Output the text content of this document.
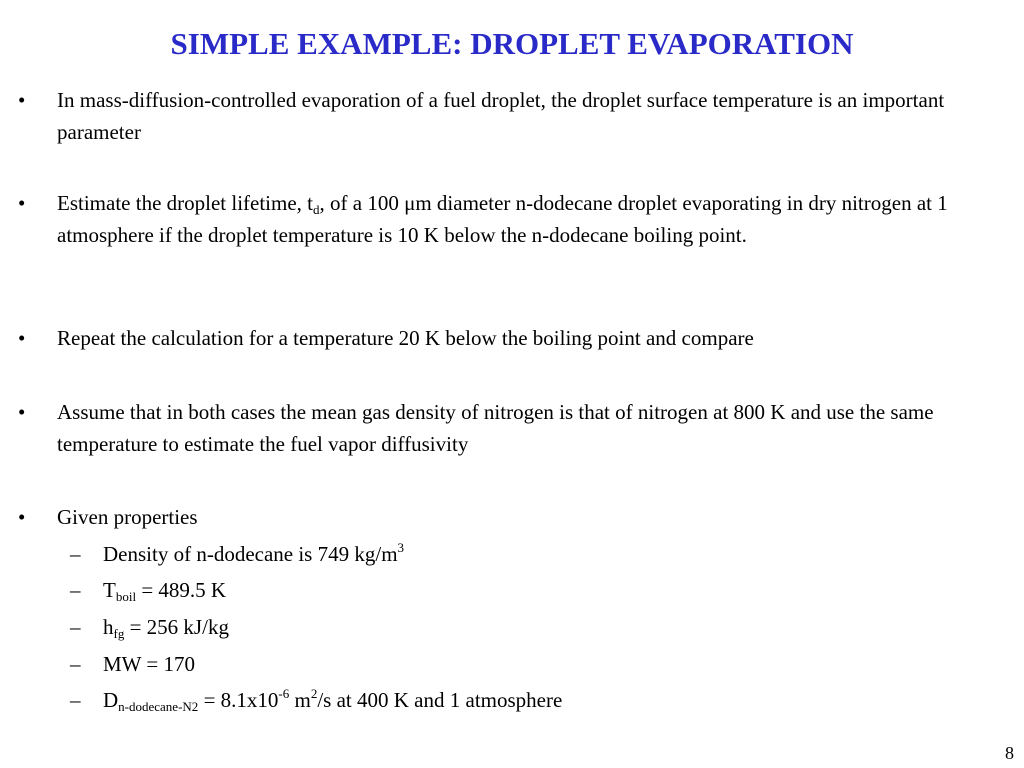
SIMPLE EXAMPLE: DROPLET EVAPORATION
• In mass-diffusion-controlled evaporation of a fuel droplet, the droplet surface temperature is an important parameter
• Estimate the droplet lifetime, $t_d$, of a 100 μm diameter n-dodecane droplet evaporating in dry nitrogen at 1 atmosphere if the droplet temperature is 10 K below the n-dodecane boiling point.
• Repeat the calculation for a temperature 20 K below the boiling point and compare
• Assume that in both cases the mean gas density of nitrogen is that of nitrogen at 800 K and use the same temperature to estimate the fuel vapor diffusivity
• Given properties
– Density of n-dodecane is 749 $kg/m^3$
– $T_{boil} = 489.5$ K
– $h_{fg} = 256$ kJ/kg
– MW = 170
– $D_{n-dodecane-N2} = 8.1x10^{-6}$ $m^2/s$ at 400 K and 1 atmosphere
8
